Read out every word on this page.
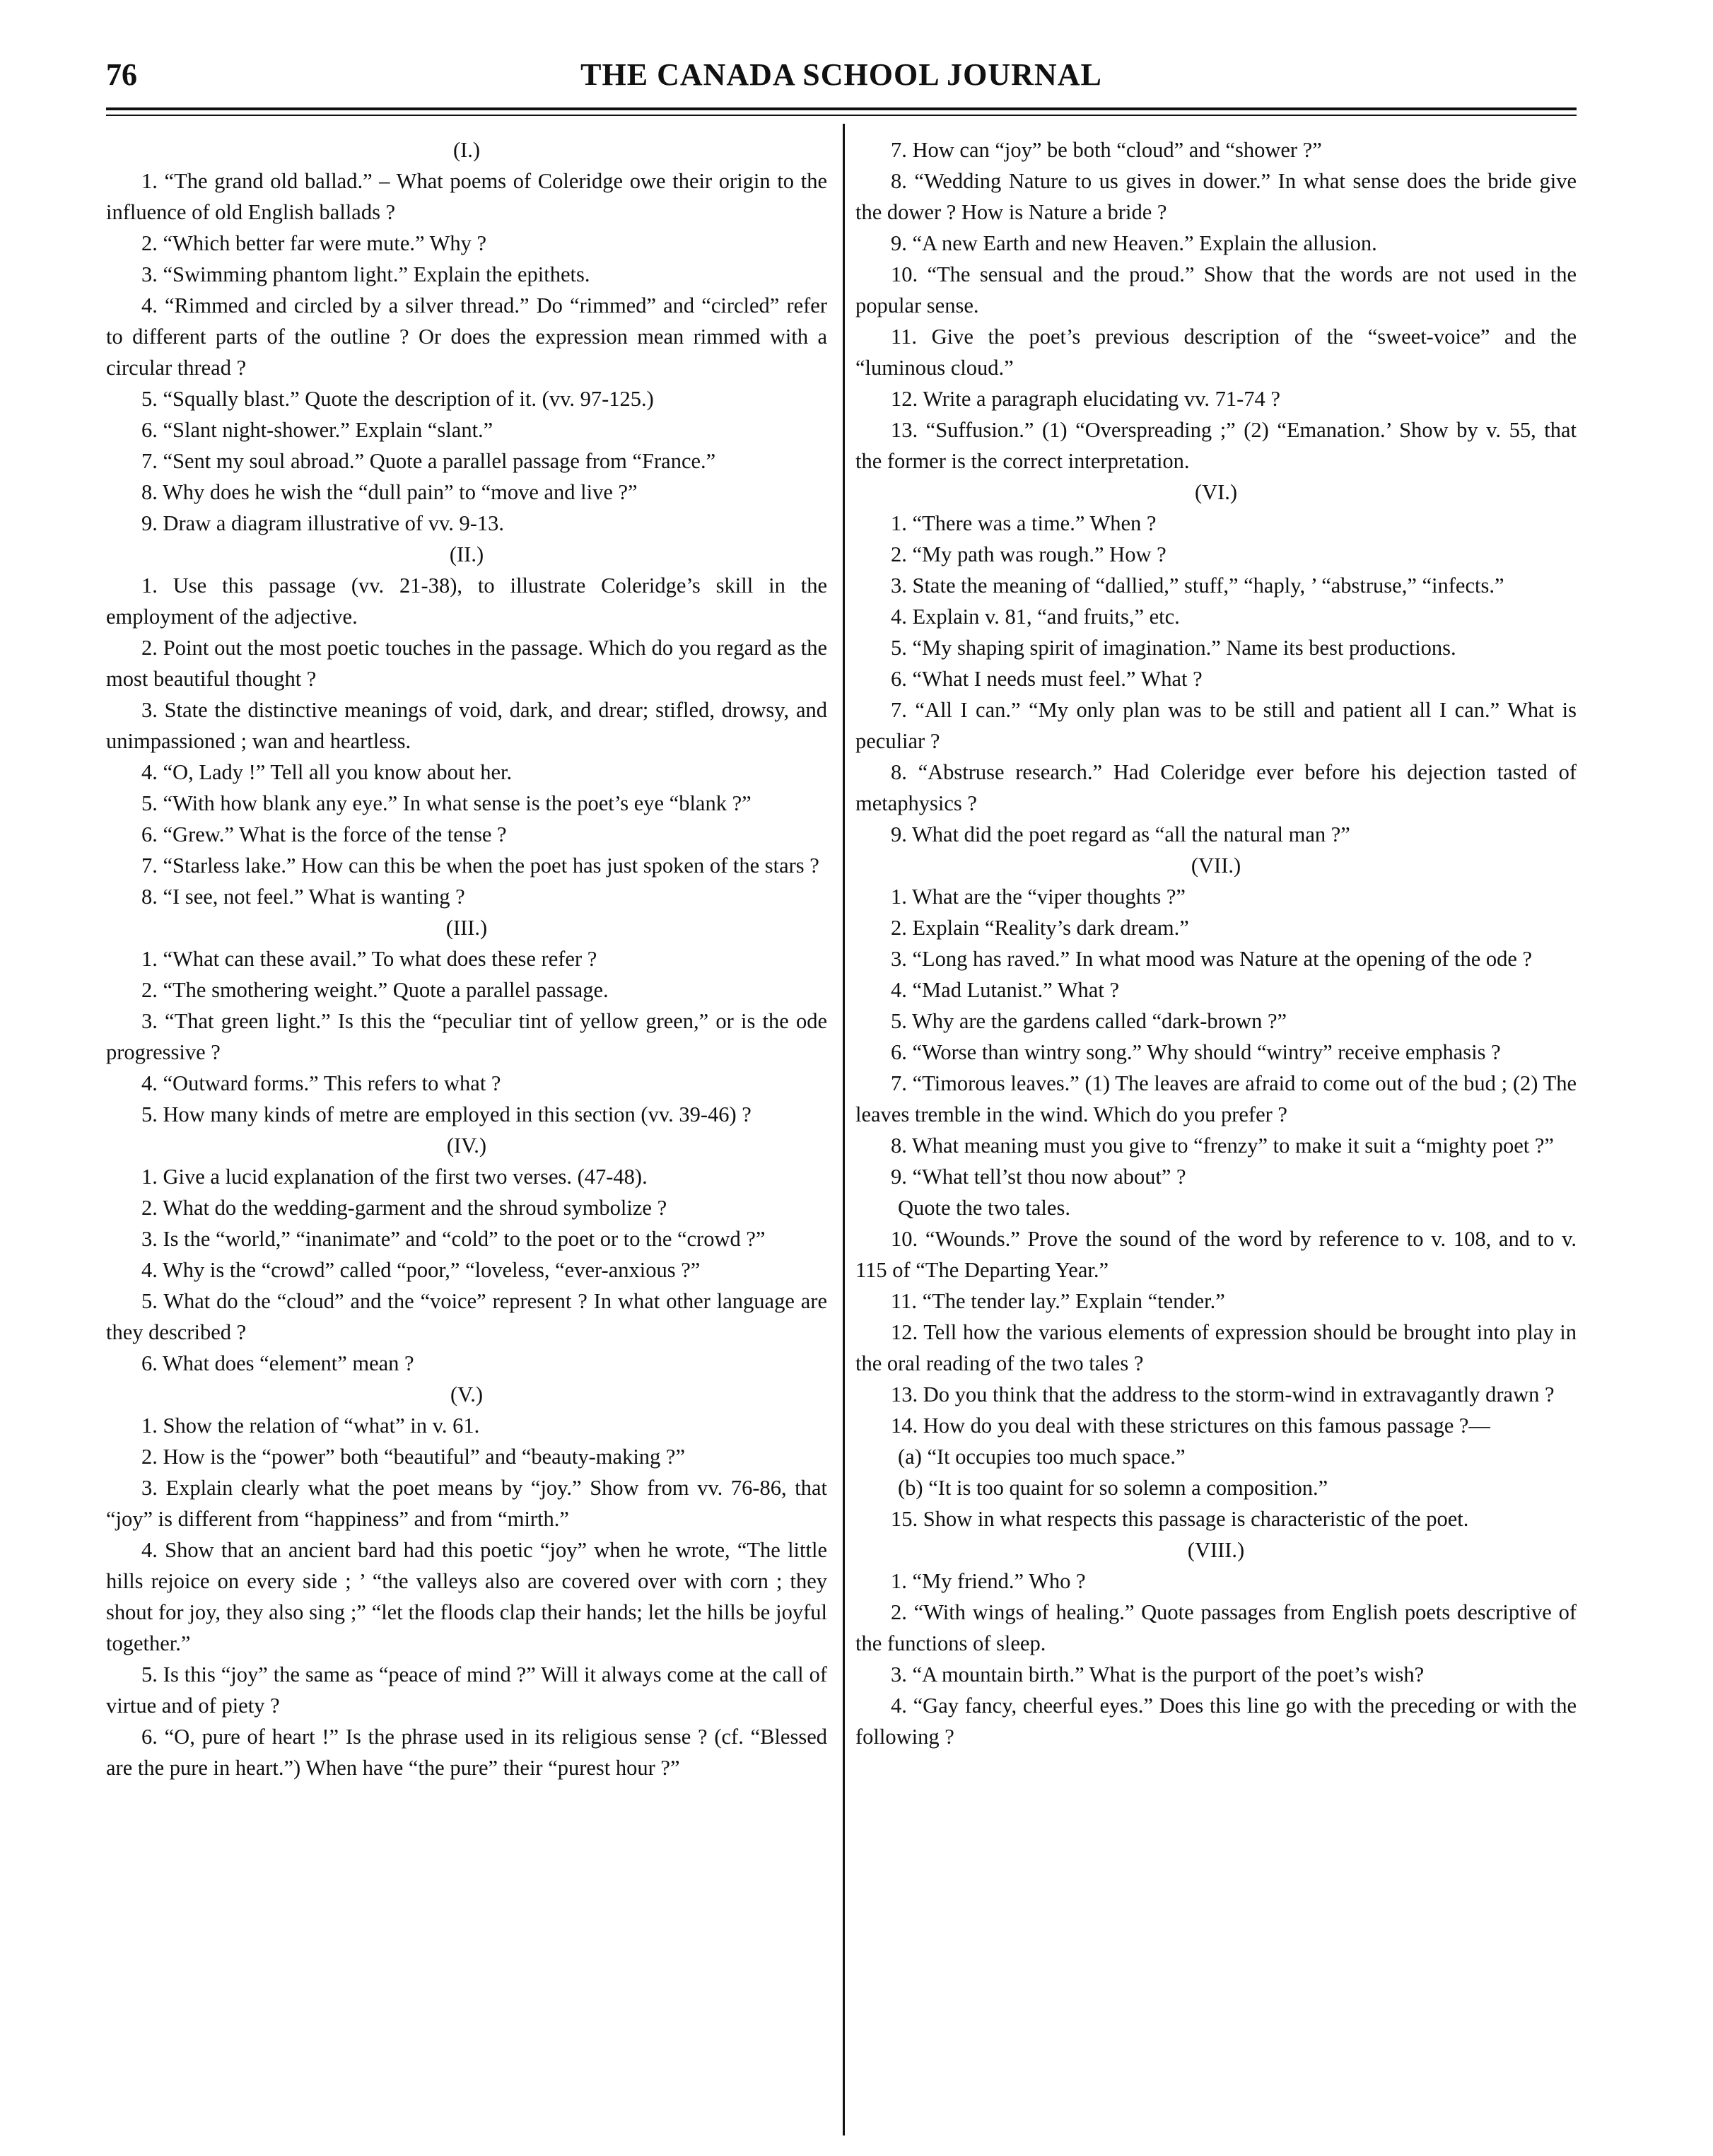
76	THE CANADA SCHOOL JOURNAL

(I.)

1. “The grand old ballad.” – What poems of Coleridge owe their origin to the influence of old English ballads ?

2. “Which better far were mute.” Why ?

3. “Swimming phantom light.” Explain the epithets.

4. “Rimmed and circled by a silver thread.” Do “rimmed” and “circled” refer to different parts of the outline ? Or does the expression mean rimmed with a circular thread ?

5. “Squally blast.” Quote the description of it. (vv. 97-125.)

6. “Slant night-shower.” Explain “slant.”

7. “Sent my soul abroad.” Quote a parallel passage from “France.”

8. Why does he wish the “dull pain” to “move and live ?”

9. Draw a diagram illustrative of vv. 9-13.

(II.)

1. Use this passage (vv. 21-38), to illustrate Coleridge’s skill in the employment of the adjective.

2. Point out the most poetic touches in the passage. Which do you regard as the most beautiful thought ?

3. State the distinctive meanings of void, dark, and drear; stifled, drowsy, and unimpassioned ; wan and heartless.

4. “O, Lady !” Tell all you know about her.

5. “With how blank any eye.” In what sense is the poet’s eye “blank ?”

6. “Grew.” What is the force of the tense ?

7. “Starless lake.” How can this be when the poet has just spoken of the stars ?

8. “I see, not feel.” What is wanting ?

(III.)

1. “What can these avail.” To what does these refer ?

2. “The smothering weight.” Quote a parallel passage.

3. “That green light.” Is this the “peculiar tint of yellow green,” or is the ode progressive ?

4. “Outward forms.” This refers to what ?

5. How many kinds of metre are employed in this section (vv. 39-46) ?

(IV.)

1. Give a lucid explanation of the first two verses. (47-48).

2. What do the wedding-garment and the shroud symbolize ?

3. Is the “world,” “inanimate” and “cold” to the poet or to the “crowd ?”

4. Why is the “crowd” called “poor,” “loveless, “ever-anxious ?”

5. What do the “cloud” and the “voice” represent ? In what other language are they described ?

6. What does “element” mean ?

(V.)

1. Show the relation of “what” in v. 61.

2. How is the “power” both “beautiful” and “beauty-making ?”

3. Explain clearly what the poet means by “joy.” Show from vv. 76-86, that “joy” is different from “happiness” and from “mirth.”

4. Show that an ancient bard had this poetic “joy” when he wrote, “The little hills rejoice on every side ; ’ “the valleys also are covered over with corn ; they shout for joy, they also sing ;” “let the floods clap their hands; let the hills be joyful together.”

5. Is this “joy” the same as “peace of mind ?” Will it always come at the call of virtue and of piety ?

6. “O, pure of heart !” Is the phrase used in its religious sense ? (cf. “Blessed are the pure in heart.”) When have “the pure” their “purest hour ?”

7. How can “joy” be both “cloud” and “shower ?”

8. “Wedding Nature to us gives in dower.” In what sense does the bride give the dower ? How is Nature a bride ?

9. “A new Earth and new Heaven.” Explain the allusion.

10. “The sensual and the proud.” Show that the words are not used in the popular sense.

11. Give the poet’s previous description of the “sweet-voice” and the “luminous cloud.”

12. Write a paragraph elucidating vv. 71-74 ?

13. “Suffusion.” (1) “Overspreading ;” (2) “Emanation.’ Show by v. 55, that the former is the correct interpretation.

(VI.)

1. “There was a time.” When ?

2. “My path was rough.” How ?

3. State the meaning of “dallied,” stuff,” “haply, ’ “abstruse,” “infects.”

4. Explain v. 81, “and fruits,” etc.

5. “My shaping spirit of imagination.” Name its best productions.

6. “What I needs must feel.” What ?

7. “All I can.” “My only plan was to be still and patient all I can.” What is peculiar ?

8. “Abstruse research.” Had Coleridge ever before his dejection tasted of metaphysics ?

9. What did the poet regard as “all the natural man ?”

(VII.)

1. What are the “viper thoughts ?”

2. Explain “Reality’s dark dream.”

3. “Long has raved.” In what mood was Nature at the opening of the ode ?

4. “Mad Lutanist.” What ?

5. Why are the gardens called “dark-brown ?”

6. “Worse than wintry song.” Why should “wintry” receive emphasis ?

7. “Timorous leaves.” (1) The leaves are afraid to come out of the bud ; (2) The leaves tremble in the wind. Which do you prefer ?

8. What meaning must you give to “frenzy” to make it suit a “mighty poet ?”

9. “What tell’st thou now about” ?

Quote the two tales.

10. “Wounds.” Prove the sound of the word by reference to v. 108, and to v. 115 of “The Departing Year.”

11. “The tender lay.” Explain “tender.”

12. Tell how the various elements of expression should be brought into play in the oral reading of the two tales ?

13. Do you think that the address to the storm-wind in extravagantly drawn ?

14. How do you deal with these strictures on this famous passage ?—

(a) “It occupies too much space.”

(b) “It is too quaint for so solemn a composition.”

15. Show in what respects this passage is characteristic of the poet.

(VIII.)

1. “My friend.” Who ?

2. “With wings of healing.” Quote passages from English poets descriptive of the functions of sleep.

3. “A mountain birth.” What is the purport of the poet’s wish?

4. “Gay fancy, cheerful eyes.” Does this line go with the preceding or with the following ?
